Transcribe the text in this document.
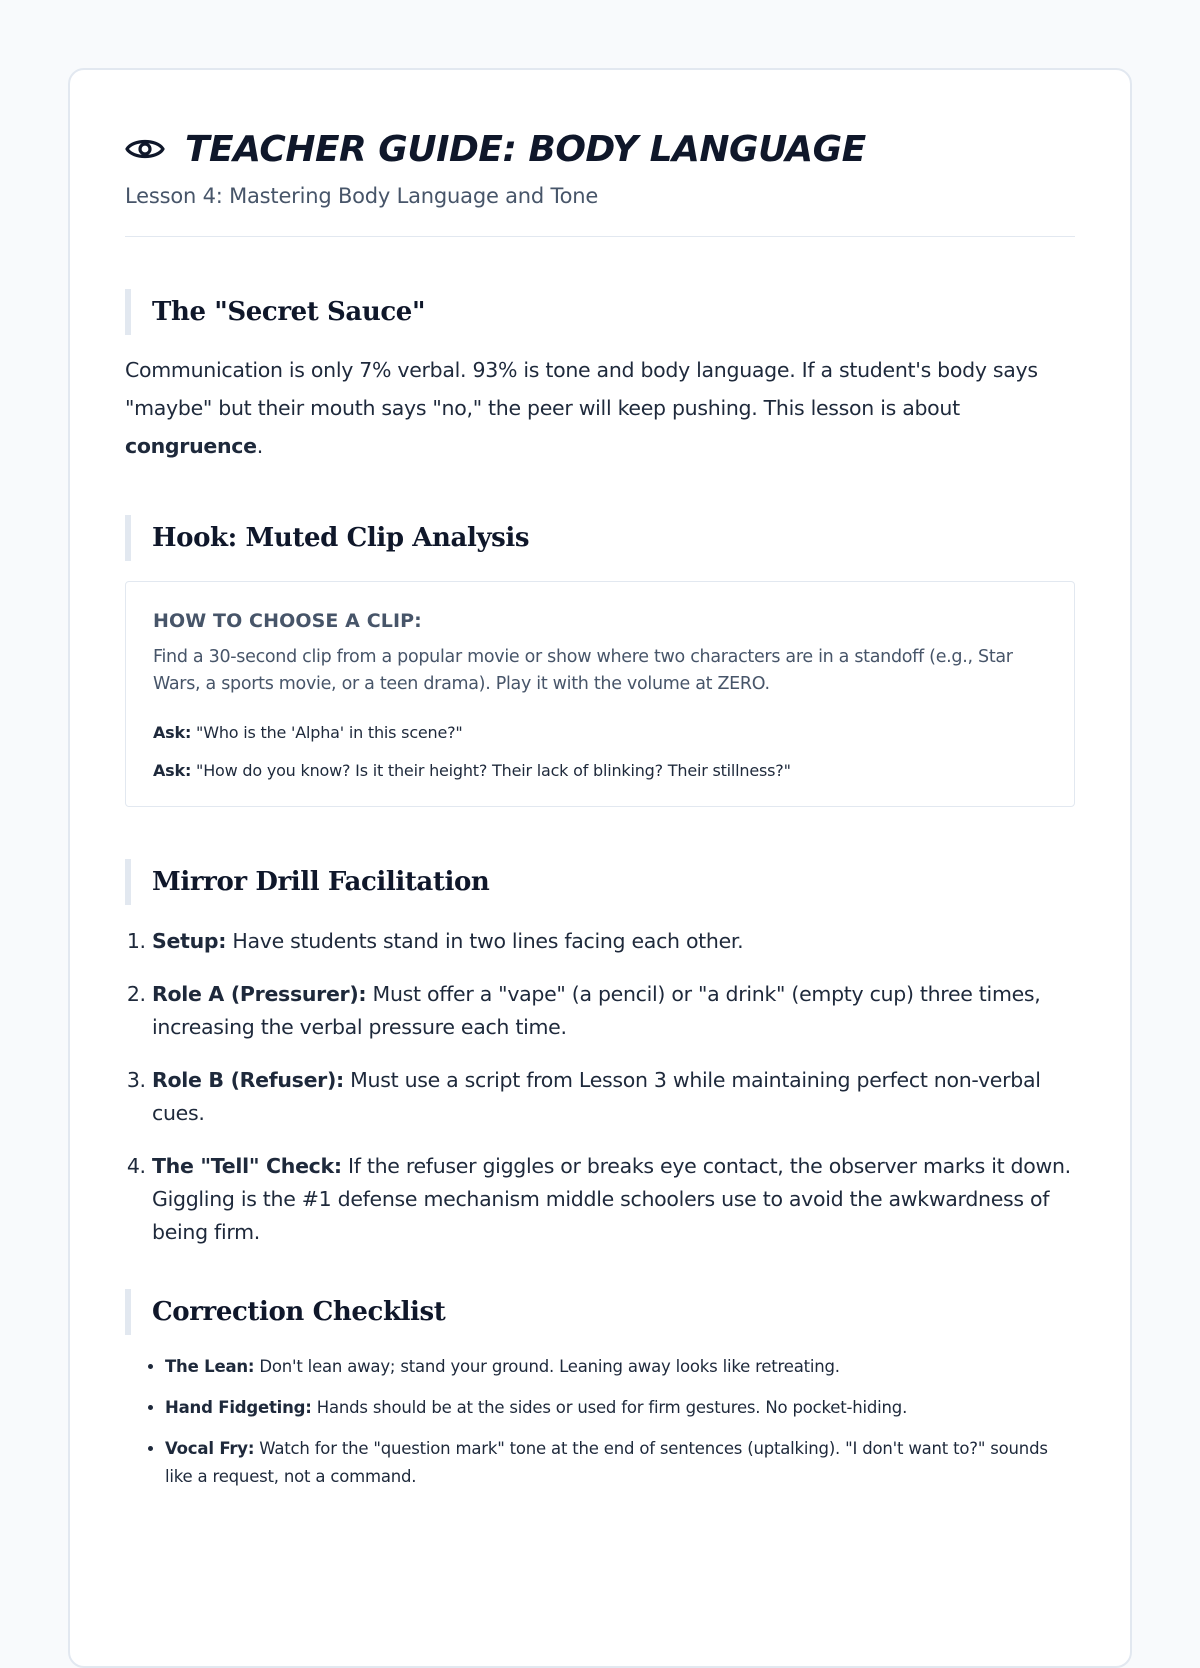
TEACHER GUIDE: BODY LANGUAGE
Lesson 4: Mastering Body Language and Tone
The "Secret Sauce"

Communication is only 7% verbal. 93% is tone and body language. If a student's body says "maybe" but their mouth says "no," the peer will keep pushing. This lesson is about congruence.

Hook: Muted Clip Analysis
HOW TO CHOOSE A CLIP:

Find a 30-second clip from a popular movie or show where two characters are in a standoff (e.g., Star Wars, a sports movie, or a teen drama). Play it with the volume at ZERO.

Ask: "Who is the 'Alpha' in this scene?"

Ask: "How do you know? Is it their height? Their lack of blinking? Their stillness?"

Mirror Drill Facilitation
1. Setup: Have students stand in two lines facing each other.
2. Role A (Pressurer): Must offer a "vape" (a pencil) or "a drink" (empty cup) three times, increasing the verbal pressure each time.
3. Role B (Refuser): Must use a script from Lesson 3 while maintaining perfect non-verbal cues.
4. The "Tell" Check: If the refuser giggles or breaks eye contact, the observer marks it down. Giggling is the #1 defense mechanism middle schoolers use to avoid the awkwardness of being firm.
Correction Checklist
• The Lean: Don't lean away; stand your ground. Leaning away looks like retreating.
• Hand Fidgeting: Hands should be at the sides or used for firm gestures. No pocket-hiding.
• Vocal Fry: Watch for the "question mark" tone at the end of sentences (uptalking). "I don't want to?" sounds like a request, not a command.
